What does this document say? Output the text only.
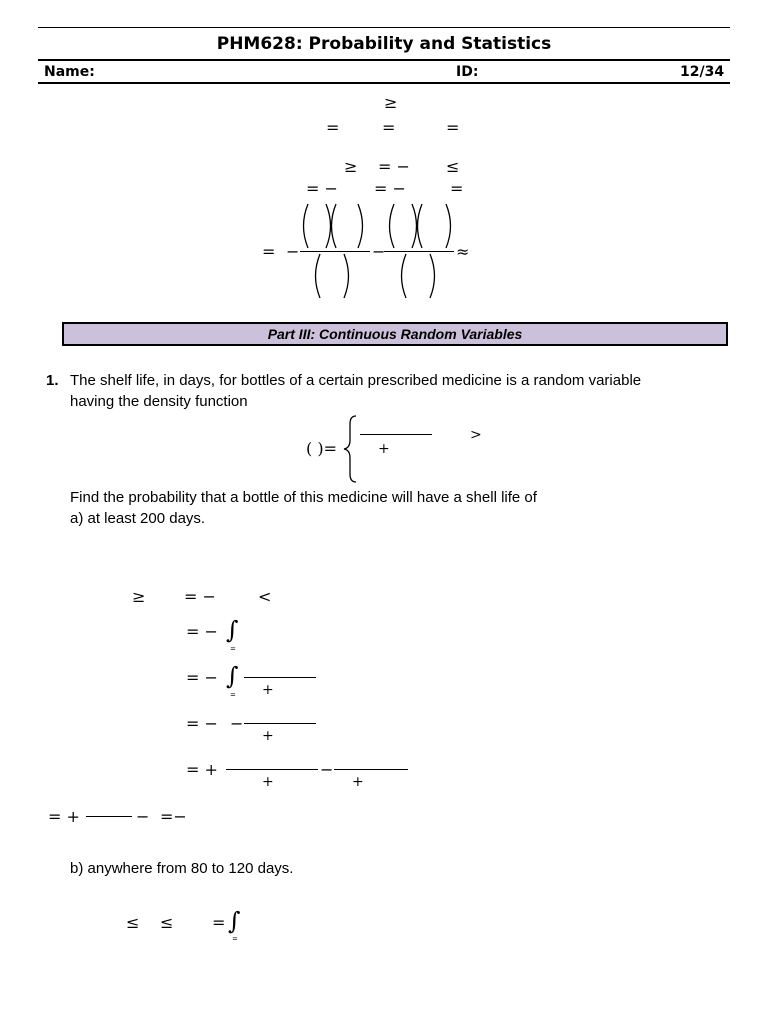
PHM628: Probability and Statistics
Name:	ID:	12/34
≥
=	=	=
≥ = − ≤
= − = −	=
= −	−	≈
Part III: Continuous Random Variables
1. The shelf life, in days, for bottles of a certain prescribed medicine is a random variable
having the density function
( )=	+
>
Find the probability that a bottle of this medicine will have a shell life of
a) at least 200 days.
≥ = −	<
= − ∫
=
= − ∫
= +
= − −
+
= +
+
−
+
= +	− =−
b) anywhere from 80 to 120 days.
≤ ≤ = ∫
=
